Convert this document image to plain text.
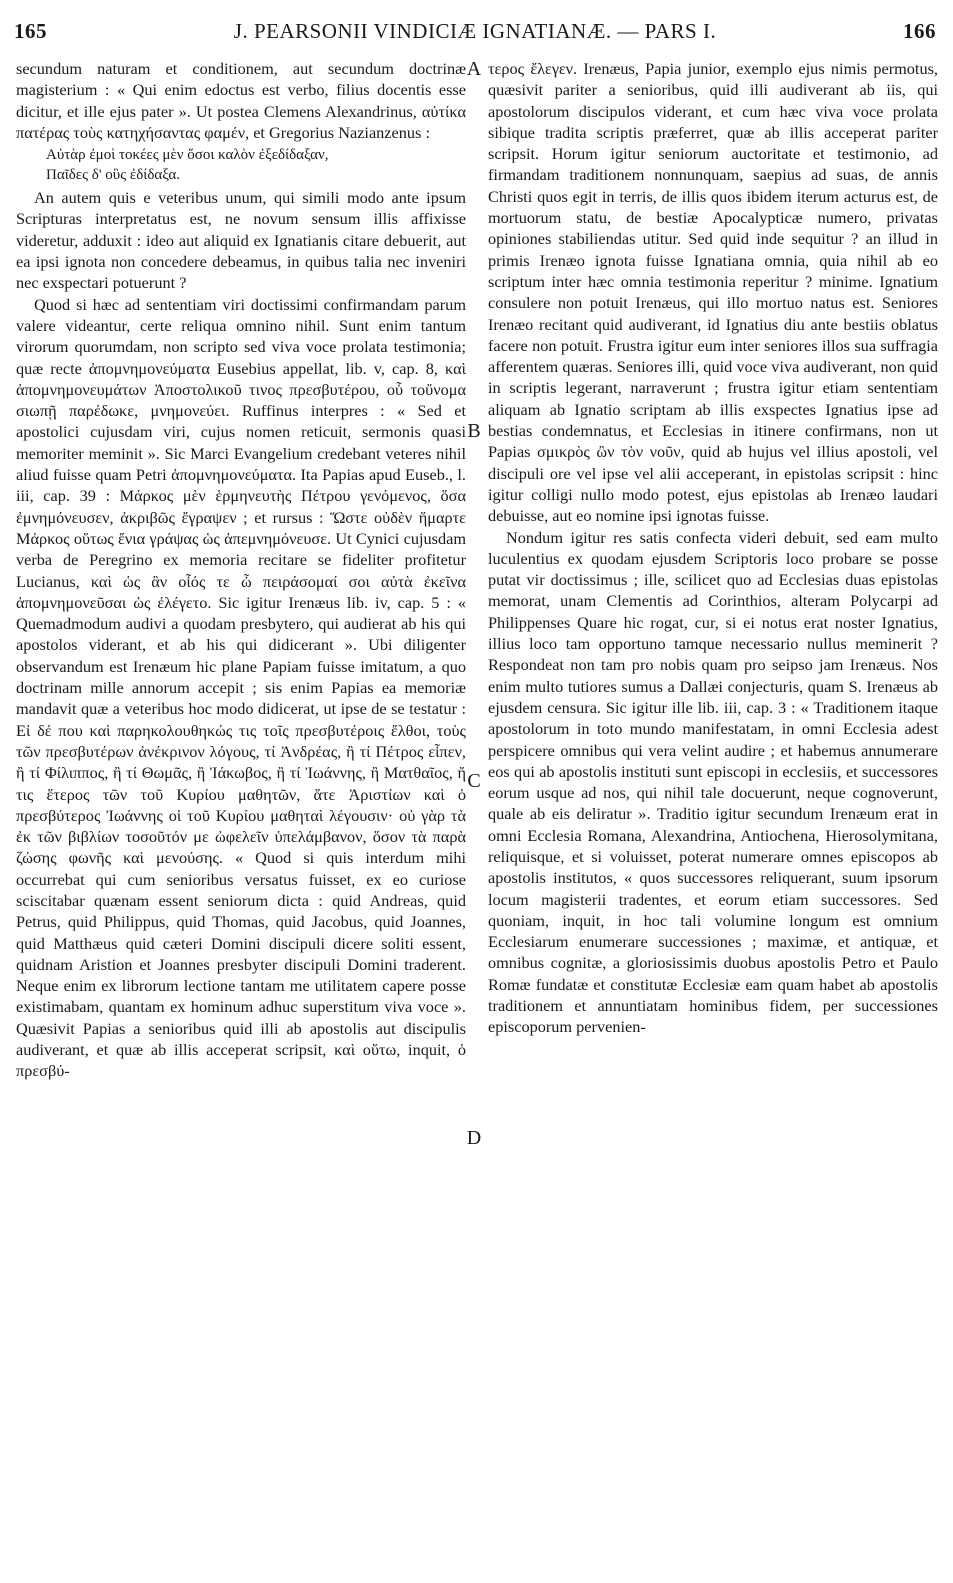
165	J. PEARSONII VINDICIÆ IGNATIANÆ. — PARS I.	166

secundum naturam et conditionem, aut secundum doctrinæ magisterium : « Qui enim edoctus est verbo, filius docentis esse dicitur, et ille ejus pater ». Ut postea Clemens Alexandrinus, αὐτίκα πατέρας τοὺς κατηχήσαντας φαμέν, et Gregorius Nazianzenus :

Αὐτὰρ ἐμοὶ τοκέες μὲν ὅσοι καλὸν ἐξεδίδαξαν,
Παῖδες δ' οὓς ἐδίδαξα.

An autem quis e veteribus unum, qui simili modo ante ipsum Scripturas interpretatus est, ne novum sensum illis affixisse videretur, adduxit : ideo aut aliquid ex Ignatianis citare debuerit, aut ea ipsi ignota non concedere debeamus, in quibus talia nec inveniri nec exspectari potuerunt ?

Quod si hæc ad sententiam viri doctissimi confirmandam parum valere videantur, certe reliqua omnino nihil. Sunt enim tantum virorum quorumdam, non scripto sed viva voce prolata testimonia; quæ recte ἀπομνημονεύματα Eusebius appellat, lib. v, cap. 8, καὶ ἀπομνημονευμάτων Ἀποστολικοῦ τινος πρεσβυτέρου, οὗ τοὔνομα σιωπῇ παρέδωκε, μνημονεύει. Ruffinus interpres : « Sed et apostolici cujusdam viri, cujus nomen reticuit, sermonis quasi memoriter meminit ». Sic Marci Evangelium credebant veteres nihil aliud fuisse quam Petri ἀπομνημονεύματα. Ita Papias apud Euseb., l. iii, cap. 39 : Μάρκος μὲν ἑρμηνευτὴς Πέτρου γενόμενος, ὅσα ἐμνημόνευσεν, ἀκριβῶς ἔγραψεν ; et rursus : Ὥστε οὐδὲν ἥμαρτε Μάρκος οὕτως ἔνια γράψας ὡς ἀπεμνημόνευσε. Ut Cynici cujusdam verba de Peregrino ex memoria recitare se fideliter profitetur Lucianus, καὶ ὡς ἂν οἷός τε ὦ πειράσομαί σοι αὐτὰ ἐκεῖνα ἀπομνημονεῦσαι ὡς ἐλέγετο. Sic igitur Irenæus lib. iv, cap. 5 : « Quemadmodum audivi a quodam presbytero, qui audierat ab his qui apostolos viderant, et ab his qui didicerant ». Ubi diligenter observandum est Irenæum hic plane Papiam fuisse imitatum, a quo doctrinam mille annorum accepit ; sis enim Papias ea memoriæ mandavit quæ a veteribus hoc modo didicerat, ut ipse de se testatur : Εἰ δέ που καὶ παρηκολουθηκώς τις τοῖς πρεσβυτέροις ἔλθοι, τοὺς τῶν πρεσβυτέρων ἀνέκρινον λόγους, τί Ἀνδρέας, ἢ τί Πέτρος εἶπεν, ἢ τί Φίλιππος, ἢ τί Θωμᾶς, ἢ Ἰάκωβος, ἢ τί Ἰωάννης, ἢ Ματθαῖος, ἤ τις ἕτερος τῶν τοῦ Κυρίου μαθητῶν, ἅτε Ἀριστίων καὶ ὁ πρεσβύτερος Ἰωάννης οἱ τοῦ Κυρίου μαθηταὶ λέγουσιν· οὐ γὰρ τὰ ἐκ τῶν βιβλίων τοσοῦτόν με ὠφελεῖν ὑπελάμβανον, ὅσον τὰ παρὰ ζώσης φωνῆς καὶ μενούσης. « Quod si quis interdum mihi occurrebat qui cum senioribus versatus fuisset, ex eo curiose sciscitabar quænam essent seniorum dicta : quid Andreas, quid Petrus, quid Philippus, quid Thomas, quid Jacobus, quid Joannes, quid Matthæus quid cæteri Domini discipuli dicere soliti essent, quidnam Aristion et Joannes presbyter discipuli Domini traderent. Neque enim ex librorum lectione tantam me utilitatem capere posse existimabam, quantam ex hominum adhuc superstitum viva voce ». Quæsivit Papias a senioribus quid illi ab apostolis aut discipulis audiverant, et quæ ab illis acceperat scripsit, καὶ οὕτω, inquit, ὁ πρεσβύ-

A
B
C
D

τερος ἔλεγεν. Irenæus, Papia junior, exemplo ejus nimis permotus, quæsivit pariter a senioribus, quid illi audiverant ab iis, qui apostolorum discipulos viderant, et cum hæc viva voce prolata sibique tradita scriptis præferret, quæ ab illis acceperat pariter scripsit. Horum igitur seniorum auctoritate et testimonio, ad firmandam traditionem nonnunquam, saepius ad suas, de annis Christi quos egit in terris, de illis quos ibidem iterum acturus est, de mortuorum statu, de bestiæ Apocalypticæ numero, privatas opiniones stabiliendas utitur. Sed quid inde sequitur ? an illud in primis Irenæo ignota fuisse Ignatiana omnia, quia nihil ab eo scriptum inter hæc omnia testimonia reperitur ? minime. Ignatium consulere non potuit Irenæus, qui illo mortuo natus est. Seniores Irenæo recitant quid audiverant, id Ignatius diu ante bestiis oblatus facere non potuit. Frustra igitur eum inter seniores illos sua suffragia afferentem quæras. Seniores illi, quid voce viva audiverant, non quid in scriptis legerant, narraverunt ; frustra igitur etiam sententiam aliquam ab Ignatio scriptam ab illis exspectes Ignatius ipse ad bestias condemnatus, et Ecclesias in itinere confirmans, non ut Papias σμικρὸς ὢν τὸν νοῦν, quid ab hujus vel illius apostoli, vel discipuli ore vel ipse vel alii acceperant, in epistolas scripsit : hinc igitur colligi nullo modo potest, ejus epistolas ab Irenæo laudari debuisse, aut eo nomine ipsi ignotas fuisse.

Nondum igitur res satis confecta videri debuit, sed eam multo luculentius ex quodam ejusdem Scriptoris loco probare se posse putat vir doctissimus ; ille, scilicet quo ad Ecclesias duas epistolas memorat, unam Clementis ad Corinthios, alteram Polycarpi ad Philippenses Quare hic rogat, cur, si ei notus erat noster Ignatius, illius loco tam opportuno tamque necessario nullus meminerit ? Respondeat non tam pro nobis quam pro seipso jam Irenæus. Nos enim multo tutiores sumus a Dallæi conjecturis, quam S. Irenæus ab ejusdem censura. Sic igitur ille lib. iii, cap. 3 : « Traditionem itaque apostolorum in toto mundo manifestatam, in omni Ecclesia adest perspicere omnibus qui vera velint audire ; et habemus annumerare eos qui ab apostolis instituti sunt episcopi in ecclesiis, et successores eorum usque ad nos, qui nihil tale docuerunt, neque cognoverunt, quale ab eis deliratur ». Traditio igitur secundum Irenæum erat in omni Ecclesia Romana, Alexandrina, Antiochena, Hierosolymitana, reliquisque, et si voluisset, poterat numerare omnes episcopos ab apostolis institutos, « quos successores reliquerant, suum ipsorum locum magisterii tradentes, et eorum etiam successores. Sed quoniam, inquit, in hoc tali volumine longum est omnium Ecclesiarum enumerare successiones ; maximæ, et antiquæ, et omnibus cognitæ, a gloriosissimis duobus apostolis Petro et Paulo Romæ fundatæ et constitutæ Ecclesiæ eam quam habet ab apostolis traditionem et annuntiatam hominibus fidem, per successiones episcoporum pervenien-
